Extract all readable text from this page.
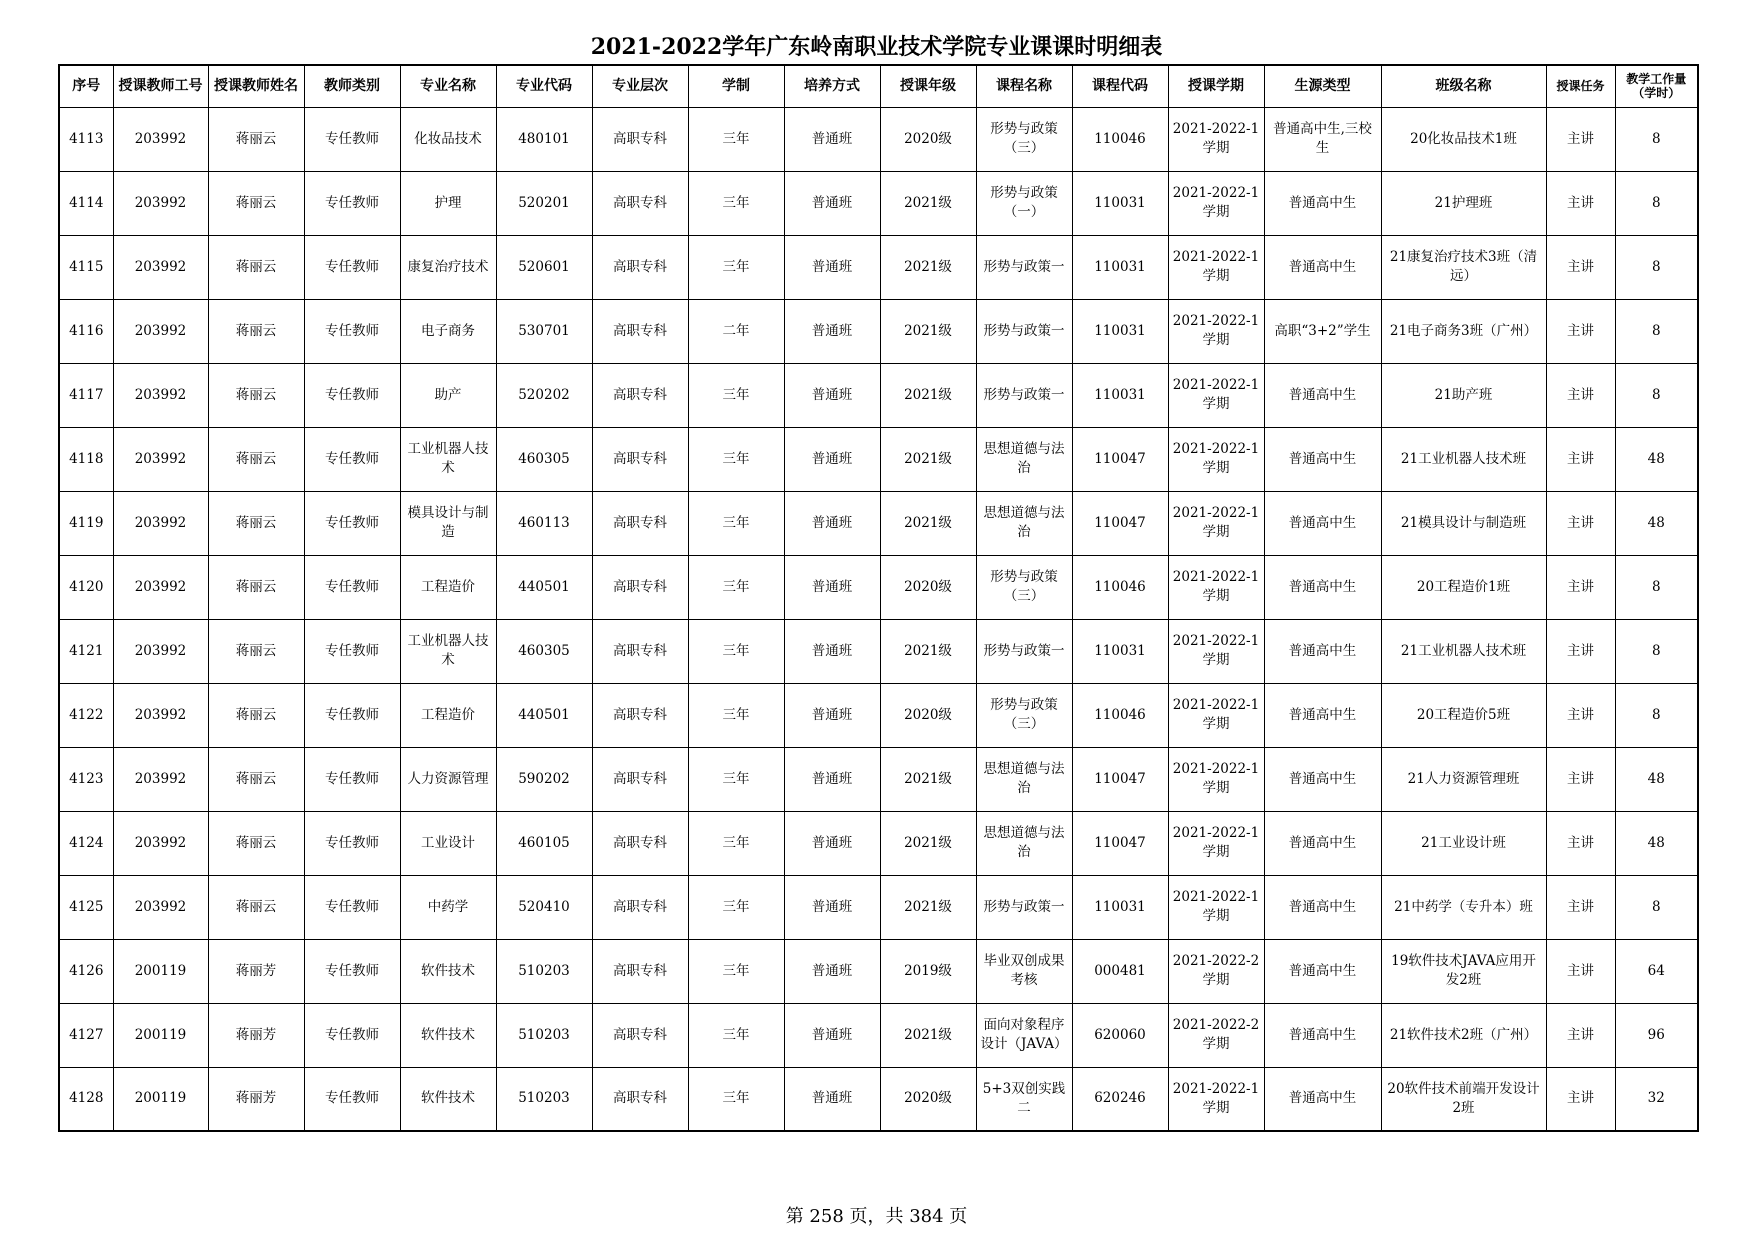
2021-2022学年广东岭南职业技术学院专业课课时明细表
序号	授课教师工号	授课教师姓名	教师类别	专业名称	专业代码	专业层次	学制	培养方式	授课年级	课程名称	课程代码	授课学期	生源类型	班级名称	授课任务	教学工作量（学时）
4113	203992	蒋丽云	专任教师	化妆品技术	480101	高职专科	三年	普通班	2020级	形势与政策（三）	110046	2021-2022-1学期	普通高中生,三校生	20化妆品技术1班	主讲	8
4114	203992	蒋丽云	专任教师	护理	520201	高职专科	三年	普通班	2021级	形势与政策（一）	110031	2021-2022-1学期	普通高中生	21护理班	主讲	8
4115	203992	蒋丽云	专任教师	康复治疗技术	520601	高职专科	三年	普通班	2021级	形势与政策一	110031	2021-2022-1学期	普通高中生	21康复治疗技术3班（清远）	主讲	8
4116	203992	蒋丽云	专任教师	电子商务	530701	高职专科	二年	普通班	2021级	形势与政策一	110031	2021-2022-1学期	高职“3+2”学生	21电子商务3班（广州）	主讲	8
4117	203992	蒋丽云	专任教师	助产	520202	高职专科	三年	普通班	2021级	形势与政策一	110031	2021-2022-1学期	普通高中生	21助产班	主讲	8
4118	203992	蒋丽云	专任教师	工业机器人技术	460305	高职专科	三年	普通班	2021级	思想道德与法治	110047	2021-2022-1学期	普通高中生	21工业机器人技术班	主讲	48
4119	203992	蒋丽云	专任教师	模具设计与制造	460113	高职专科	三年	普通班	2021级	思想道德与法治	110047	2021-2022-1学期	普通高中生	21模具设计与制造班	主讲	48
4120	203992	蒋丽云	专任教师	工程造价	440501	高职专科	三年	普通班	2020级	形势与政策（三）	110046	2021-2022-1学期	普通高中生	20工程造价1班	主讲	8
4121	203992	蒋丽云	专任教师	工业机器人技术	460305	高职专科	三年	普通班	2021级	形势与政策一	110031	2021-2022-1学期	普通高中生	21工业机器人技术班	主讲	8
4122	203992	蒋丽云	专任教师	工程造价	440501	高职专科	三年	普通班	2020级	形势与政策（三）	110046	2021-2022-1学期	普通高中生	20工程造价5班	主讲	8
4123	203992	蒋丽云	专任教师	人力资源管理	590202	高职专科	三年	普通班	2021级	思想道德与法治	110047	2021-2022-1学期	普通高中生	21人力资源管理班	主讲	48
4124	203992	蒋丽云	专任教师	工业设计	460105	高职专科	三年	普通班	2021级	思想道德与法治	110047	2021-2022-1学期	普通高中生	21工业设计班	主讲	48
4125	203992	蒋丽云	专任教师	中药学	520410	高职专科	三年	普通班	2021级	形势与政策一	110031	2021-2022-1学期	普通高中生	21中药学（专升本）班	主讲	8
4126	200119	蒋丽芳	专任教师	软件技术	510203	高职专科	三年	普通班	2019级	毕业双创成果考核	000481	2021-2022-2学期	普通高中生	19软件技术JAVA应用开发2班	主讲	64
4127	200119	蒋丽芳	专任教师	软件技术	510203	高职专科	三年	普通班	2021级	面向对象程序设计（JAVA）	620060	2021-2022-2学期	普通高中生	21软件技术2班（广州）	主讲	96
4128	200119	蒋丽芳	专任教师	软件技术	510203	高职专科	三年	普通班	2020级	5+3双创实践二	620246	2021-2022-1学期	普通高中生	20软件技术前端开发设计2班	主讲	32
第 258 页，共 384 页
